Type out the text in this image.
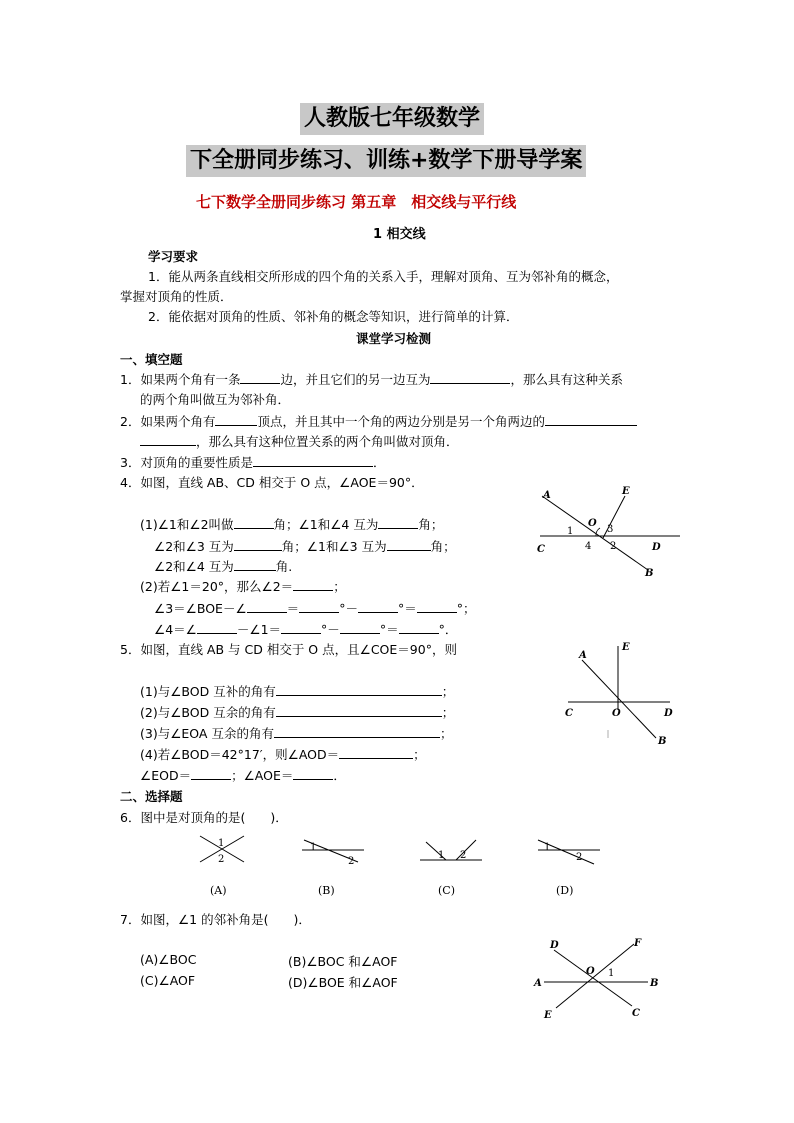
人教版七年级数学
下全册同步练习、训练+数学下册导学案
七下数学全册同步练习 第五章　相交线与平行线
1 相交线
学习要求
1．能从两条直线相交所形成的四个角的关系入手，理解对顶角、互为邻补角的概念，
掌握对顶角的性质．
2．能依据对顶角的性质、邻补角的概念等知识，进行简单的计算．
课堂学习检测
一、填空题
1．如果两个角有一条	边，并且它们的另一边互为	，那么具有这种关系
的两个角叫做互为邻补角．
2．如果两个角有	顶点，并且其中一个角的两边分别是另一个角两边的
，那么具有这种位置关系的两个角叫做对顶角．
3．对顶角的重要性质是	．
4．如图，直线 AB、CD 相交于 O 点，∠AOE＝90°．
(1)∠1和∠2叫做	角；∠1和∠4 互为	角；
∠2和∠3 互为	角；∠1和∠3 互为	角；
∠2和∠4 互为	角.
(2)若∠1＝20°，那么∠2＝	；
∠3＝∠BOE－∠	＝	°－	°＝	°；
∠4＝∠	－∠1＝	°－	°＝	°．
A	E
C	D
B
O
1
2
3
4
5．如图，直线 AB 与 CD 相交于 O 点，且∠COE＝90°，则
(1)与∠BOD 互补的角有	；
(2)与∠BOD 互余的角有	；
(3)与∠EOA 互余的角有	；
(4)若∠BOD＝42°17′，则∠AOD＝	；
∠EOD＝	；∠AOE＝	．
A
E
C	O	D
B
二、选择题
6．图中是对顶角的是(　　)．
1
2
1
2
1 2
1
2
(A)	(B)	(C)	(D)
7．如图，∠1 的邻补角是(　　)．
(A)∠BOC	(B)∠BOC 和∠AOF
(C)∠AOF	(D)∠BOE 和∠AOF
D	F
A
O 1
B
E	C
